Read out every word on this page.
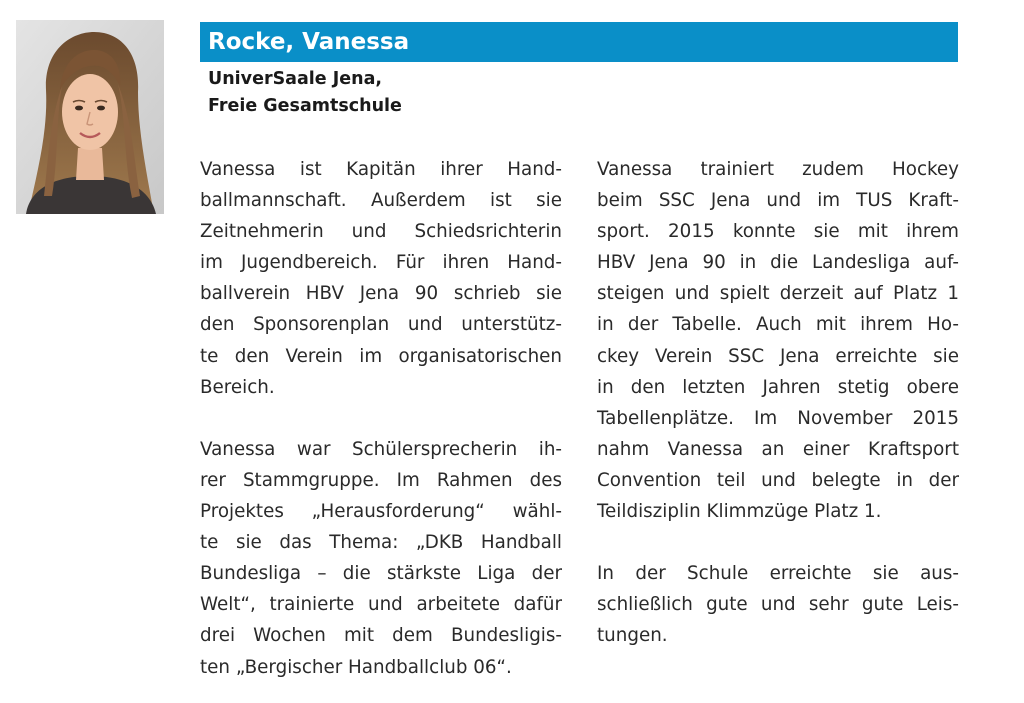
Rocke, Vanessa
UniverSaale Jena,
Freie Gesamtschule

Vanessa ist Kapitän ihrer Hand-
ballmannschaft. Außerdem ist sie
Zeitnehmerin und Schiedsrichterin
im Jugendbereich. Für ihren Hand-
ballverein HBV Jena 90 schrieb sie
den Sponsorenplan und unterstütz-
te den Verein im organisatorischen
Bereich.

Vanessa war Schülersprecherin ih-
rer Stammgruppe. Im Rahmen des
Projektes „Herausforderung“ wähl-
te sie das Thema: „DKB Handball
Bundesliga – die stärkste Liga der
Welt“, trainierte und arbeitete dafür
drei Wochen mit dem Bundesligis-
ten „Bergischer Handballclub 06“.

Vanessa trainiert zudem Hockey
beim SSC Jena und im TUS Kraft-
sport. 2015 konnte sie mit ihrem
HBV Jena 90 in die Landesliga auf-
steigen und spielt derzeit auf Platz 1
in der Tabelle. Auch mit ihrem Ho-
ckey Verein SSC Jena erreichte sie
in den letzten Jahren stetig obere
Tabellenplätze. Im November 2015
nahm Vanessa an einer Kraftsport
Convention teil und belegte in der
Teildisziplin Klimmzüge Platz 1.

In der Schule erreichte sie aus-
schließlich gute und sehr gute Leis-
tungen.
